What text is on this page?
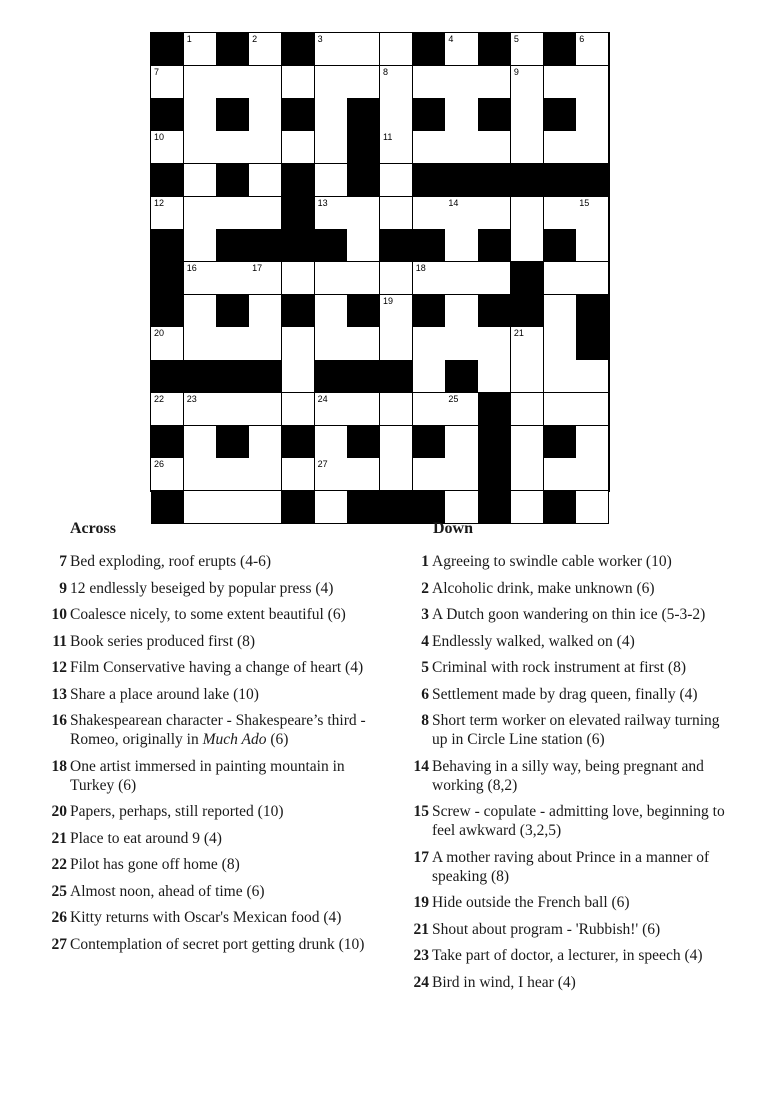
1	2	3	4	5	6
7	8	9
10	11
12	13	14	15
16	17	18
19
20	21
22	23	24	25
26	27
Across
7 Bed exploding, roof erupts (4-6)
9 12 endlessly beseiged by popular press (4)
10 Coalesce nicely, to some extent beautiful (6)
11 Book series produced first (8)
12 Film Conservative having a change of heart (4)
13 Share a place around lake (10)
16 Shakespearean character - Shakespeare’s third - Romeo, originally in Much Ado (6)
18 One artist immersed in painting mountain in Turkey (6)
20 Papers, perhaps, still reported (10)
21 Place to eat around 9 (4)
22 Pilot has gone off home (8)
25 Almost noon, ahead of time (6)
26 Kitty returns with Oscar's Mexican food (4)
27 Contemplation of secret port getting drunk (10)
Down
1 Agreeing to swindle cable worker (10)
2 Alcoholic drink, make unknown (6)
3 A Dutch goon wandering on thin ice (5-3-2)
4 Endlessly walked, walked on (4)
5 Criminal with rock instrument at first (8)
6 Settlement made by drag queen, finally (4)
8 Short term worker on elevated railway turning up in Circle Line station (6)
14 Behaving in a silly way, being pregnant and working (8,2)
15 Screw - copulate - admitting love, beginning to feel awkward (3,2,5)
17 A mother raving about Prince in a manner of speaking (8)
19 Hide outside the French ball (6)
21 Shout about program - 'Rubbish!' (6)
23 Take part of doctor, a lecturer, in speech (4)
24 Bird in wind, I hear (4)
